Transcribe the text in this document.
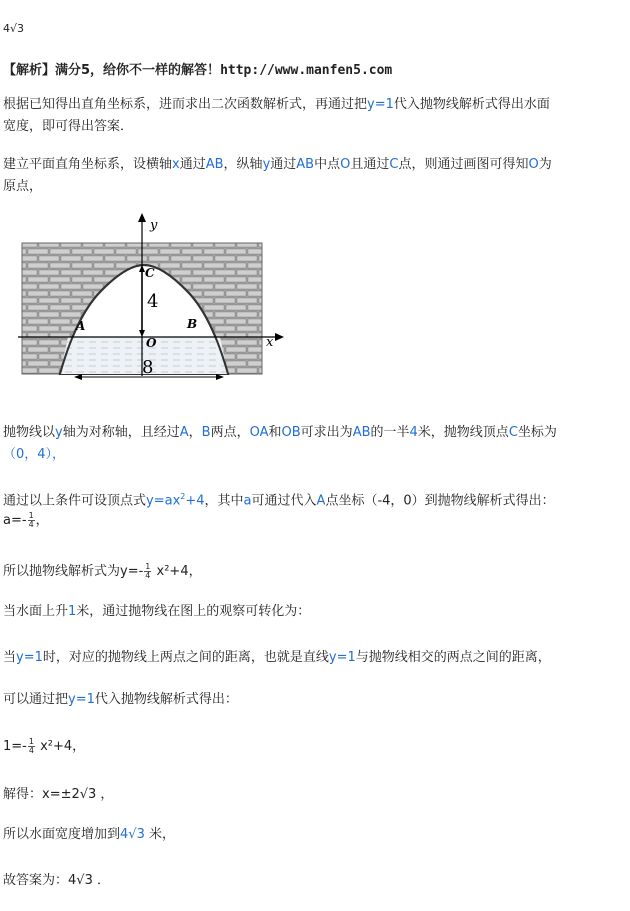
4√3
【解析】满分5，给你不一样的解答！http://www.manfen5.com
根据已知得出直角坐标系，进而求出二次函数解析式，再通过把y=1代入抛物线解析式得出水面
宽度，即可得出答案．
建立平面直角坐标系，设横轴x通过AB，纵轴y通过AB中点O且通过C点，则通过画图可得知O为
原点，
y
x
C
A	B
O
4
8
抛物线以y轴为对称轴，且经过A，B两点，OA和OB可求出为AB的一半4米，抛物线顶点C坐标为
（0，4），
通过以上条件可设顶点式$y=ax^2+4$，其中a可通过代入A点坐标（-4，0）到抛物线解析式得出：
$a=- \frac{1}{4}$ ，
所以抛物线解析式为$y=- \frac{1}{4} x^2+4$，
当水面上升1米，通过抛物线在图上的观察可转化为：
当y=1时，对应的抛物线上两点之间的距离，也就是直线y=1与抛物线相交的两点之间的距离，
可以通过把y=1代入抛物线解析式得出：
$1=- \frac{1}{4} x^2+4$，
解得：x=±2√3 ，
所以水面宽度增加到4√3 米，
故答案为：4√3 ．
